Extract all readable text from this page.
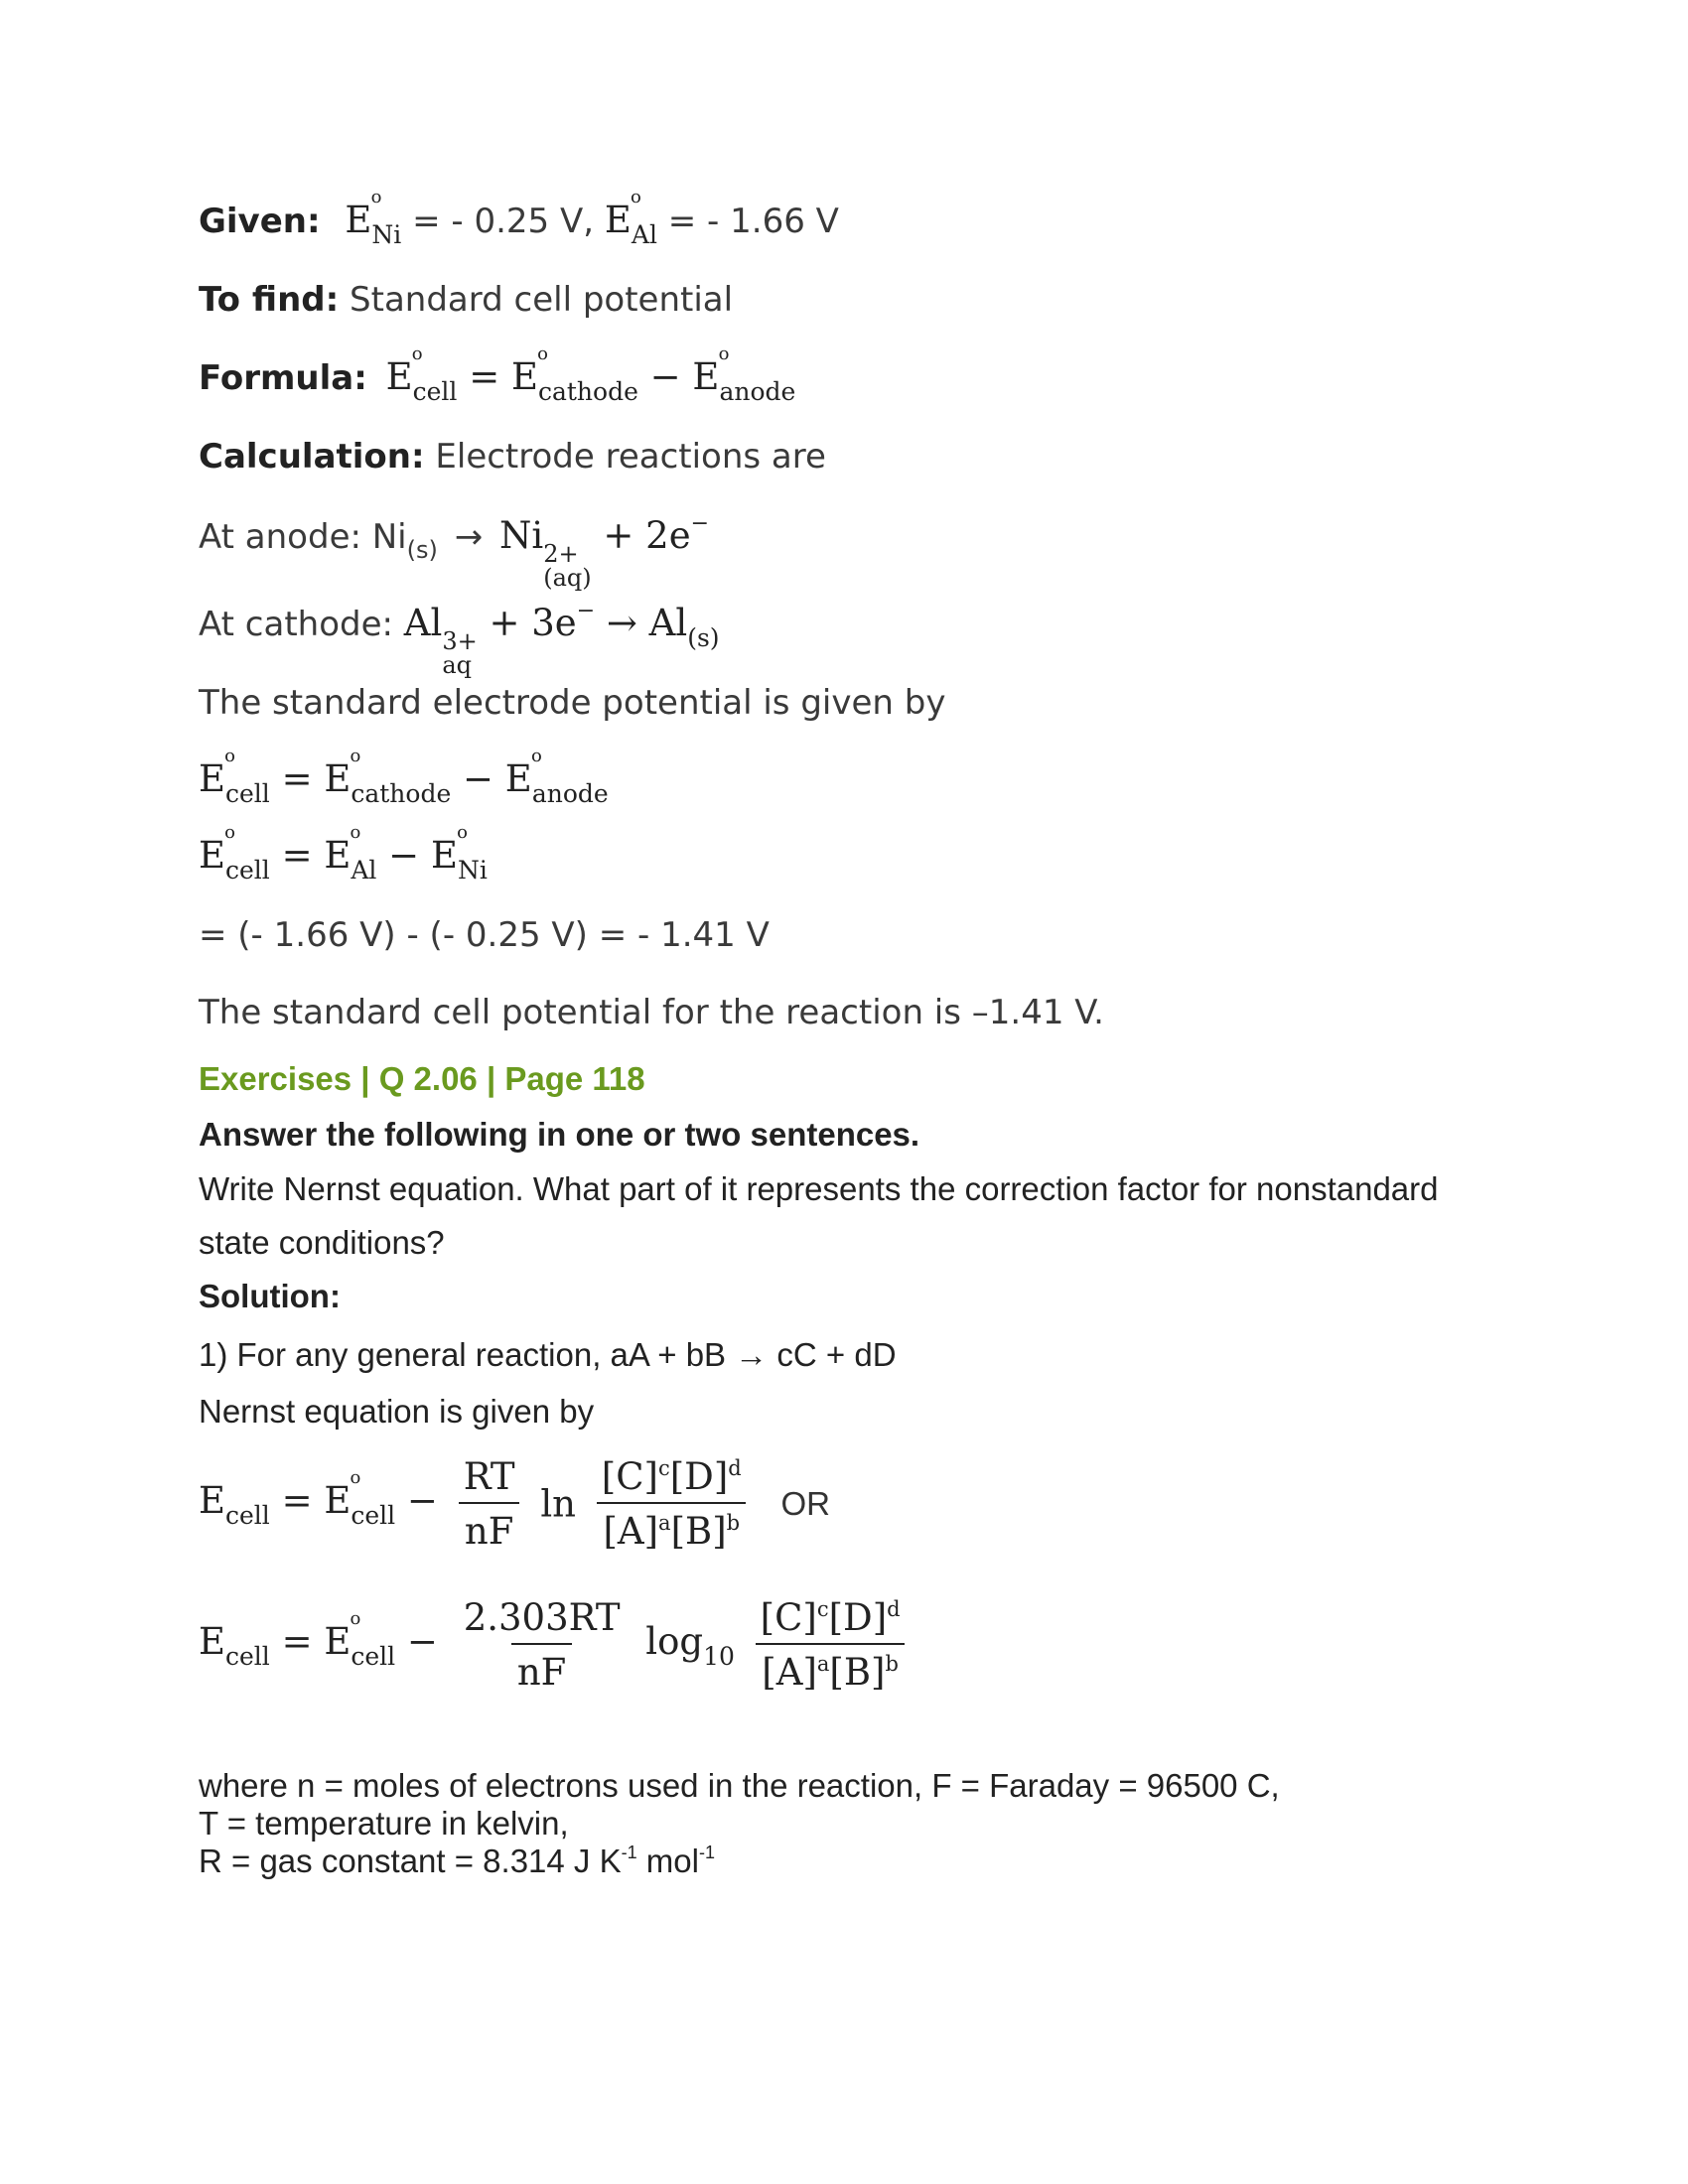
Given: E
o
$_{Ni}$ = - 0.25 V, E
o
$_{Al}$ = - 1.66 V
To find: Standard cell potential
Formula: E
o
$_{cell}$ = E
o
$_{cathode}$ − E
o
$_{anode}$
Calculation: Electrode reactions are
At anode: $Ni_{(s)} \to Ni$ 2+
(aq)
+ 2e−
At cathode: Al 3+
aq
+ $3e^- \to Al_{(s)}$
The standard electrode potential is given by
E
o
$_{cell}$ = E
o
$_{cathode}$ − E
o
$_{anode}$
E
o
$_{cell}$ = E
o
$_{Al}$ − E
o
$_{Ni}$
= (- 1.66 V) - (- 0.25 V) = - 1.41 V
The standard cell potential for the reaction is –1.41 V.
Exercises | Q 2.06 | Page 118
Answer the following in one or two sentences.
Write Nernst equation. What part of it represents the correction factor for nonstandard
state conditions?
Solution:
1) For any general reaction, aA + bB → cC + dD
Nernst equation is given by
$E_{cell} = E$
o
$_{cell} - \frac{RT}{nF}$ $\ln \frac{[C]^c[D]^d}{[A]^a[B]^b}$ OR
$E_{cell} = E$
o
$_{cell} - \frac{2.303RT}{nF} \log_{10} \frac{[C]^c[D]^d}{[A]^a[B]^b}$
where n = moles of electrons used in the reaction, F = Faraday = 96500 C,
T = temperature in kelvin,
R = gas constant = 8.314 J $K^{-1}$ mol$^{-1}$
